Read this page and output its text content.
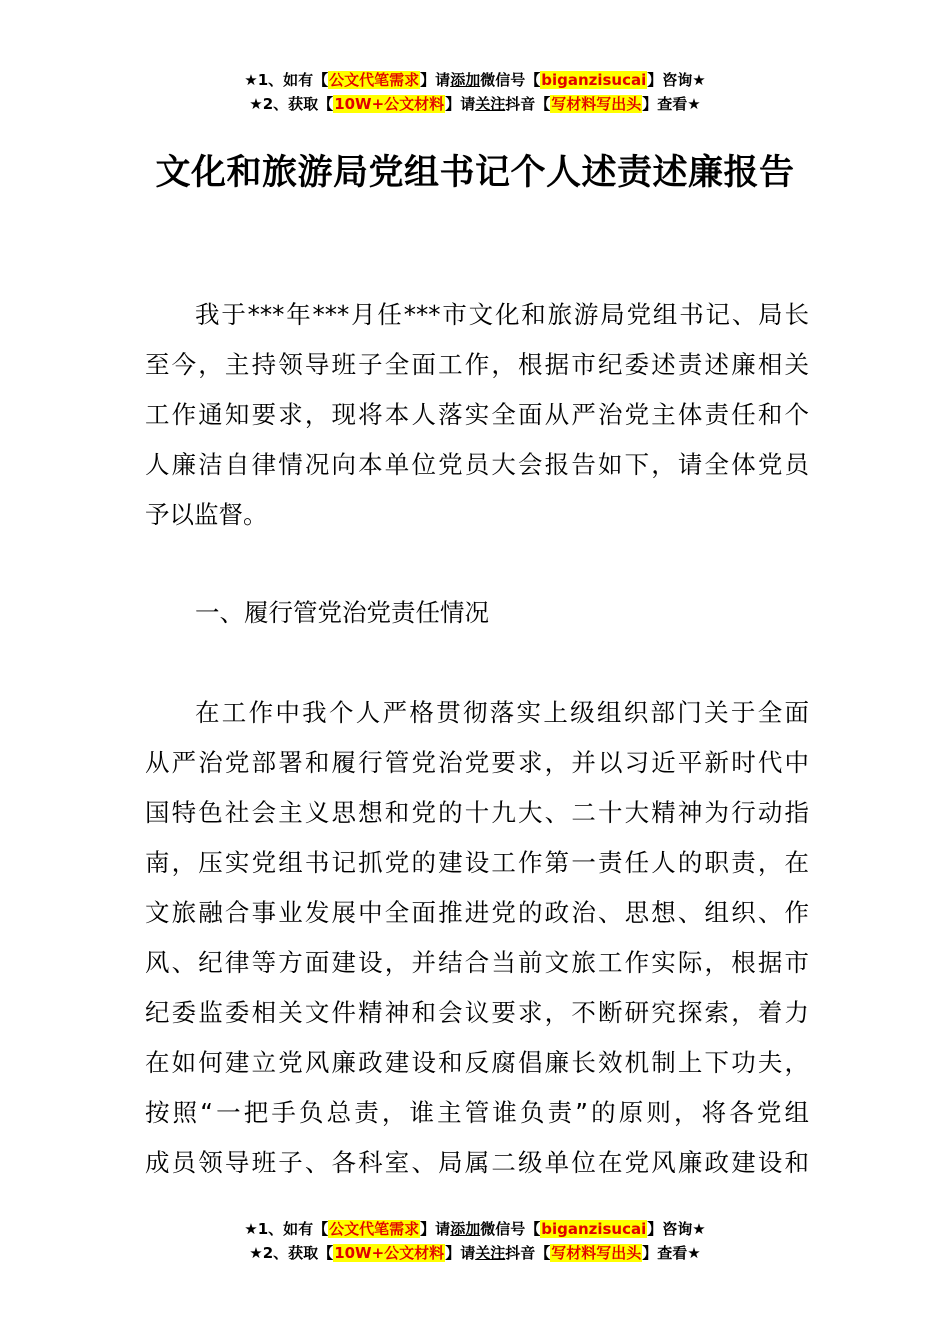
★1、如有【公文代笔需求】请添加微信号【biganzisucai】咨询★
★2、获取【10W+公文材料】请关注抖音【写材料写出头】查看★
文化和旅游局党组书记个人述责述廉报告
我于***年***月任***市文化和旅游局党组书记、局长
至今，主持领导班子全面工作，根据市纪委述责述廉相关
工作通知要求，现将本人落实全面从严治党主体责任和个
人廉洁自律情况向本单位党员大会报告如下，请全体党员
予以监督。
一、履行管党治党责任情况
在工作中我个人严格贯彻落实上级组织部门关于全面
从严治党部署和履行管党治党要求，并以习近平新时代中
国特色社会主义思想和党的十九大、二十大精神为行动指
南，压实党组书记抓党的建设工作第一责任人的职责，在
文旅融合事业发展中全面推进党的政治、思想、组织、作
风、纪律等方面建设，并结合当前文旅工作实际，根据市
纪委监委相关文件精神和会议要求，不断研究探索，着力
在如何建立党风廉政建设和反腐倡廉长效机制上下功夫，
按照“一把手负总责，谁主管谁负责”的原则，将各党组
成员领导班子、各科室、局属二级单位在党风廉政建设和
★1、如有【公文代笔需求】请添加微信号【biganzisucai】咨询★
★2、获取【10W+公文材料】请关注抖音【写材料写出头】查看★
